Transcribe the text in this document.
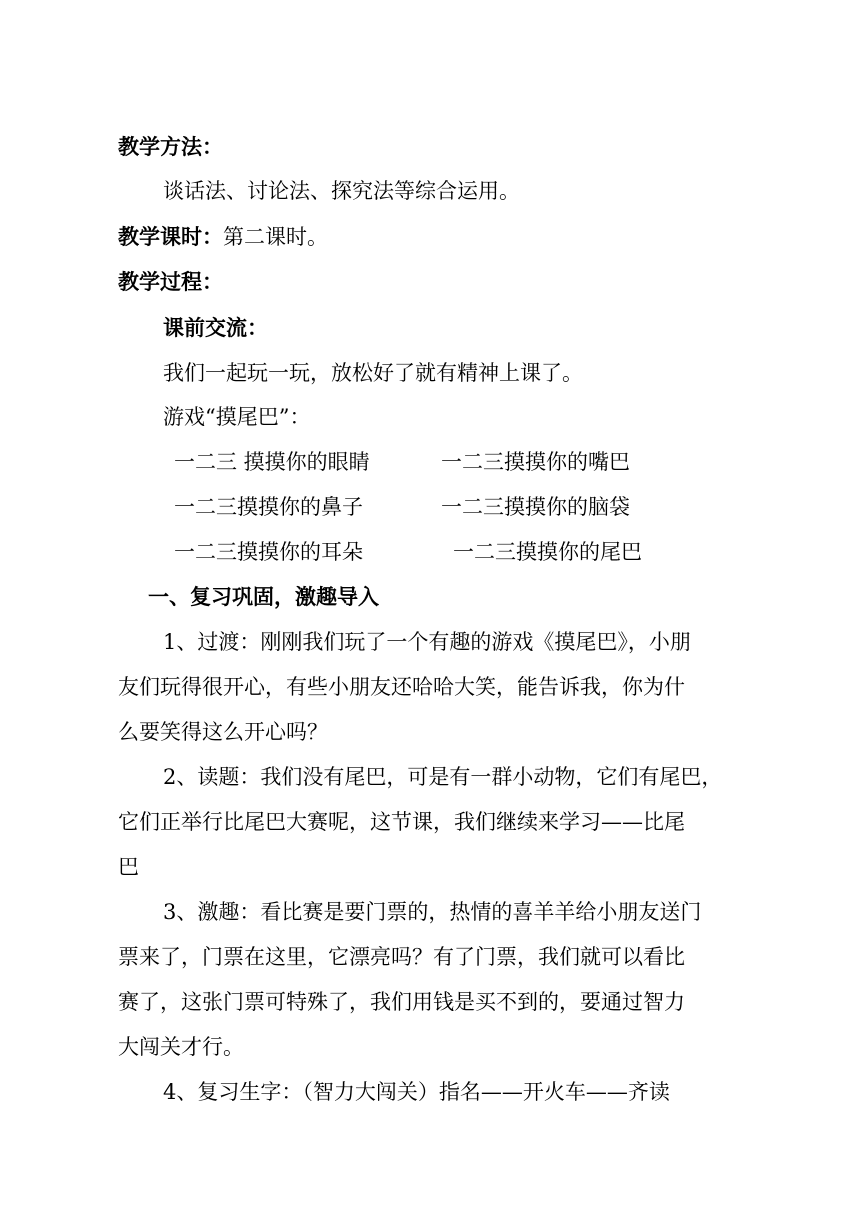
教学方法：
谈话法、讨论法、探究法等综合运用。
教学课时：第二课时。
教学过程：
课前交流：
我们一起玩一玩，放松好了就有精神上课了。
游戏“摸尾巴”：
一二三 摸摸你的眼睛	一二三摸摸你的嘴巴
一二三摸摸你的鼻子	一二三摸摸你的脑袋
一二三摸摸你的耳朵	一二三摸摸你的尾巴
一、复习巩固，激趣导入
1、过渡：刚刚我们玩了一个有趣的游戏《摸尾巴》，小朋
友们玩得很开心，有些小朋友还哈哈大笑，能告诉我，你为什
么要笑得这么开心吗？
2、读题：我们没有尾巴，可是有一群小动物，它们有尾巴，
它们正举行比尾巴大赛呢，这节课，我们继续来学习——比尾
巴
3、激趣：看比赛是要门票的，热情的喜羊羊给小朋友送门
票来了，门票在这里，它漂亮吗？有了门票，我们就可以看比
赛了，这张门票可特殊了，我们用钱是买不到的，要通过智力
大闯关才行。
4、复习生字：（智力大闯关）指名——开火车——齐读
